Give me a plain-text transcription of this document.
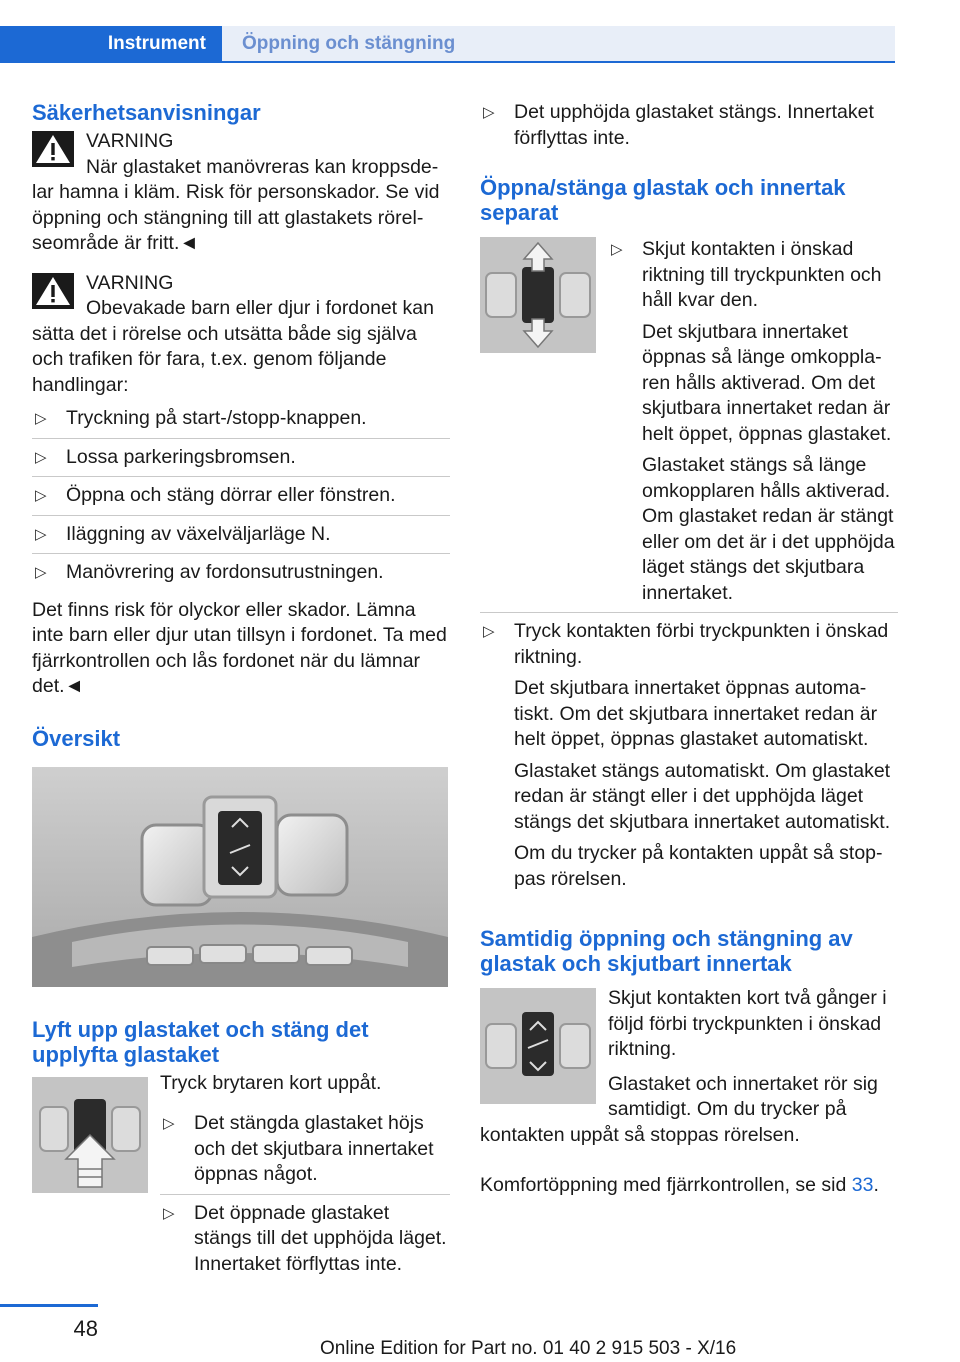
Instrument	Öppning och stängning
Säkerhetsanvisningar

VARNING

När glastaket manövreras kan kroppsdelar hamna i kläm. Risk för personskador. Se vid öppning och stängning till att glastakets rörelseområde är fritt.◄

VARNING

Obevakade barn eller djur i fordonet kan sätta det i rörelse och utsätta både sig själva och trafiken för fara, t.ex. genom följande handlingar:

▷ Tryckning på start-/stopp-knappen.
▷ Lossa parkeringsbromsen.
▷ Öppna och stäng dörrar eller fönstren.
▷ Iläggning av växelväljarläge N.
▷ Manövrering av fordonsutrustningen.

Det finns risk för olyckor eller skador. Lämna inte barn eller djur utan tillsyn i fordonet. Ta med fjärrkontrollen och lås fordonet när du lämnar det.◄

Översikt
Lyft upp glastaket och stäng det upplyfta glastaket

Tryck brytaren kort uppåt.

▷ Det stängda glastaket höjs och det skjutbara innertaket öppnas något.
▷ Det öppnade glastaket stängs till det upphöjda läget. Innertaket förflyttas inte.
▷ Det upphöjda glastaket stängs. Innertaket förflyttas inte.
Öppna/stänga glastak och innertak separat
▷ Skjut kontakten i önskad riktning till tryckpunkten och håll kvar den.

Det skjutbara innertaket öppnas så länge omkopplaren hålls aktiverad. Om det skjutbara innertaket redan är helt öppet, öppnas glastaket.

Glastaket stängs så länge omkopplaren hålls aktiverad. Om glastaket redan är stängt eller om det är i det upphöjda läget stängs det skjutbara innertaket.

▷ Tryck kontakten förbi tryckpunkten i önskad riktning.

Det skjutbara innertaket öppnas automatiskt. Om det skjutbara innertaket redan är helt öppet, öppnas glastaket automatiskt.

Glastaket stängs automatiskt. Om glastaket redan är stängt eller i det upphöjda läget stängs det skjutbara innertaket automatiskt.

Om du trycker på kontakten uppåt så stoppas rörelsen.

Samtidig öppning och stängning av glastak och skjutbart innertak

Skjut kontakten kort två gånger i följd förbi tryckpunkten i önskad riktning.

Glastaket och innertaket rör sig samtidigt. Om du trycker på kontakten uppåt så stoppas rörelsen.

Komfortöppning med fjärrkontrollen, se sid 33.

48
Online Edition for Part no. 01 40 2 915 503 - X/16
